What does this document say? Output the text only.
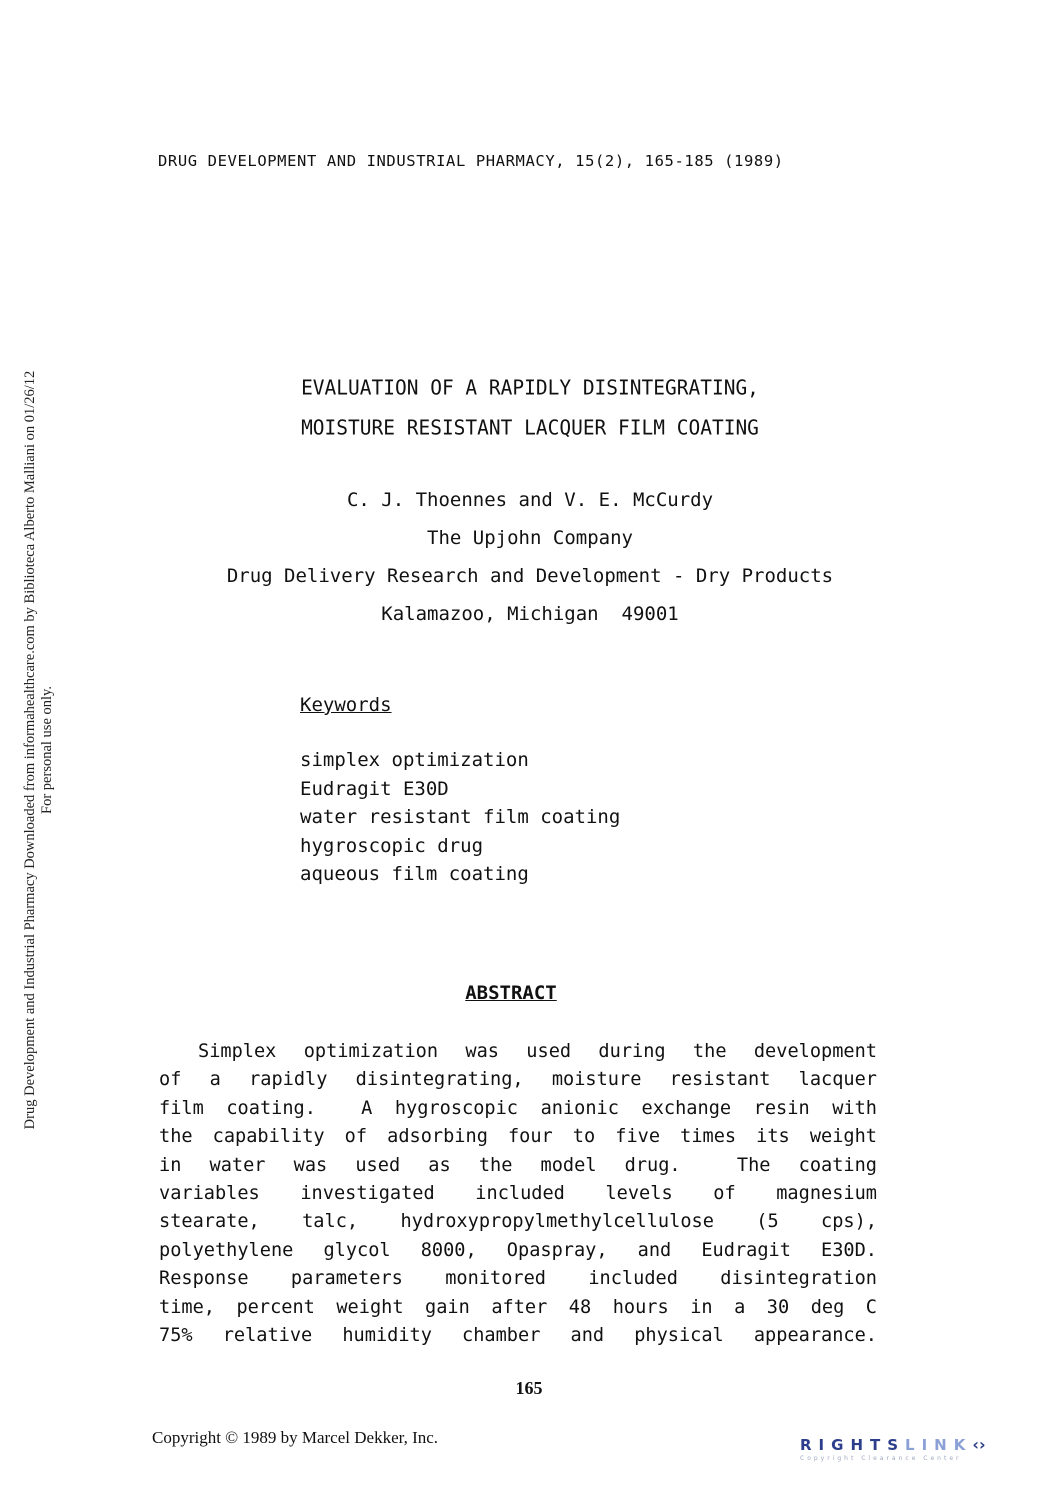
DRUG DEVELOPMENT AND INDUSTRIAL PHARMACY, 15(2), 165-185 (1989)
Drug Development and Industrial Pharmacy Downloaded from informahealthcare.com by Biblioteca Alberto Malliani on 01/26/12 For personal use only.
EVALUATION OF A RAPIDLY DISINTEGRATING,
MOISTURE RESISTANT LACQUER FILM COATING
C. J. Thoennes and V. E. McCurdy
The Upjohn Company
Drug Delivery Research and Development - Dry Products
Kalamazoo, Michigan  49001
Keywords
simplex optimization
Eudragit E30D
water resistant film coating
hygroscopic drug
aqueous film coating
ABSTRACT
Simplex optimization was used during the development
of a rapidly disintegrating, moisture resistant lacquer
film coating.  A hygroscopic anionic exchange resin with
the capability of adsorbing four to five times its weight
in water was used as the model drug.  The coating
variables investigated included levels of magnesium
stearate, talc, hydroxypropylmethylcellulose (5 cps),
polyethylene glycol 8000, Opaspray, and Eudragit E30D.
Response parameters monitored included disintegration
time, percent weight gain after 48 hours in a 30 deg C
75% relative humidity chamber and physical appearance.
165
Copyright © 1989 by Marcel Dekker, Inc.	RIGHTSLINK‹›
Copyright Clearance Center
